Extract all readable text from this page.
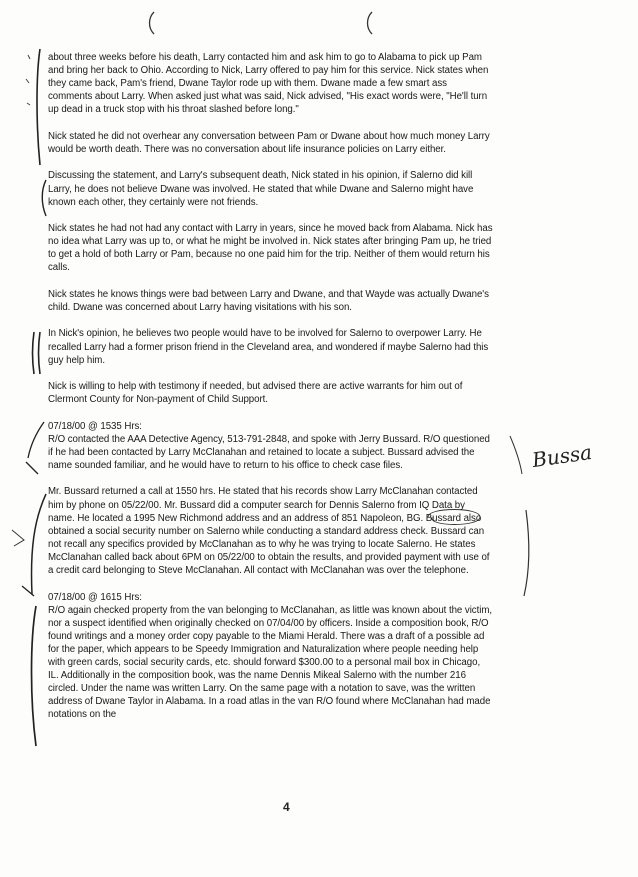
about three weeks before his death, Larry contacted him and ask him to go to Alabama to pick up Pam and bring her back to Ohio. According to Nick, Larry offered to pay him for this service. Nick states when they came back, Pam's friend, Dwane Taylor rode up with them. Dwane made a few smart ass comments about Larry. When asked just what was said, Nick advised, "His exact words were, "He'll turn up dead in a truck stop with his throat slashed before long."

Nick stated he did not overhear any conversation between Pam or Dwane about how much money Larry would be worth death. There was no conversation about life insurance policies on Larry either.

Discussing the statement, and Larry's subsequent death, Nick stated in his opinion, if Salerno did kill Larry, he does not believe Dwane was involved. He stated that while Dwane and Salerno might have known each other, they certainly were not friends.

Nick states he had not had any contact with Larry in years, since he moved back from Alabama. Nick has no idea what Larry was up to, or what he might be involved in. Nick states after bringing Pam up, he tried to get a hold of both Larry or Pam, because no one paid him for the trip. Neither of them would return his calls.

Nick states he knows things were bad between Larry and Dwane, and that Wayde was actually Dwane's child. Dwane was concerned about Larry having visitations with his son.

In Nick's opinion, he believes two people would have to be involved for Salerno to overpower Larry. He recalled Larry had a former prison friend in the Cleveland area, and wondered if maybe Salerno had this guy help him.

Nick is willing to help with testimony if needed, but advised there are active warrants for him out of Clermont County for Non-payment of Child Support.

07/18/00 @ 1535 Hrs:

R/O contacted the AAA Detective Agency, 513-791-2848, and spoke with Jerry Bussard. R/O questioned if he had been contacted by Larry McClanahan and retained to locate a subject. Bussard advised the name sounded familiar, and he would have to return to his office to check case files.

Mr. Bussard returned a call at 1550 hrs. He stated that his records show Larry McClanahan contacted him by phone on 05/22/00. Mr. Bussard did a computer search for Dennis Salerno from IQ Data by name. He located a 1995 New Richmond address and an address of 851 Napoleon, BG. Bussard also obtained a social security number on Salerno while conducting a standard address check. Bussard can not recall any specifics provided by McClanahan as to why he was trying to locate Salerno. He states McClanahan called back about 6PM on 05/22/00 to obtain the results, and provided payment with use of a credit card belonging to Steve McClanahan. All contact with McClanahan was over the telephone.

07/18/00 @ 1615 Hrs:

R/O again checked property from the van belonging to McClanahan, as little was known about the victim, nor a suspect identified when originally checked on 07/04/00 by officers. Inside a composition book, R/O found writings and a money order copy payable to the Miami Herald. There was a draft of a possible ad for the paper, which appears to be Speedy Immigration and Naturalization where people needing help with green cards, social security cards, etc. should forward $300.00 to a personal mail box in Chicago, IL. Additionally in the composition book, was the name Dennis Mikeal Salerno with the number 216 circled. Under the name was written Larry. On the same page with a notation to save, was the written address of Dwane Taylor in Alabama. In a road atlas in the van R/O found where McClanahan had made notations on the

Bussa
4
